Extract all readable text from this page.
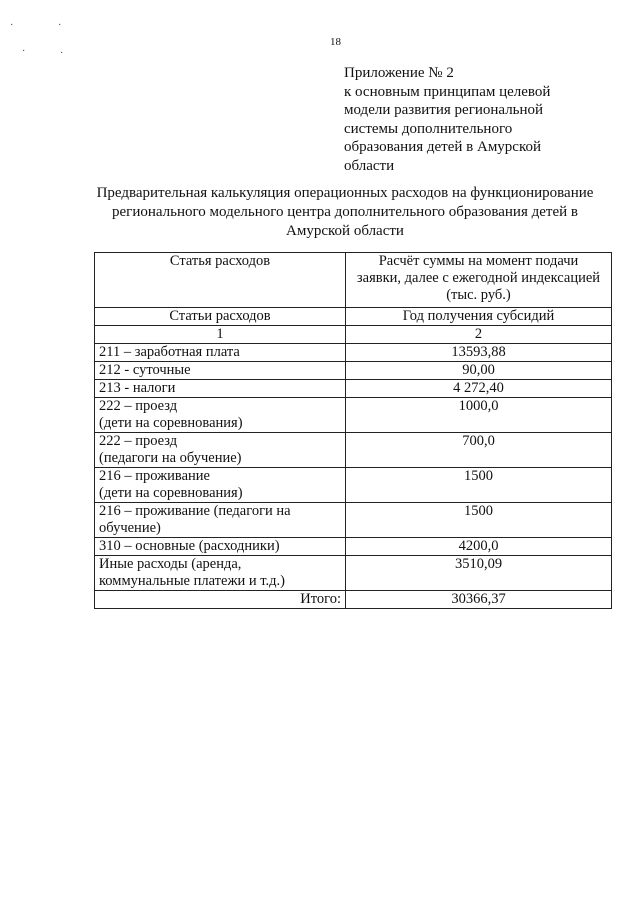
18
·	·
·	·
Приложение № 2
к основным принципам целевой
модели развития региональной
системы дополнительного
образования детей в Амурской
области
Предварительная калькуляция операционных расходов на функционирование
регионального модельного центра дополнительного образования детей в
Амурской области
Статья расходов	Расчёт суммы на момент подачи
заявки, далее с ежегодной индексацией
(тыс. руб.)

Статьи расходов	Год получения субсидий
1	2

211 – заработная плата	13593,88

212 - суточные	90,00

213 - налоги	4 272,40

222 – проезд
(дети на соревнования)	1000,0

222 – проезд
(педагоги на обучение)	700,0

216 – проживание
(дети на соревнования)	1500

216 – проживание (педагоги на
обучение)	1500

310 – основные (расходники)	4200,0

Иные расходы (аренда,
коммунальные платежи и т.д.)	3510,09
Итого:	30366,37
